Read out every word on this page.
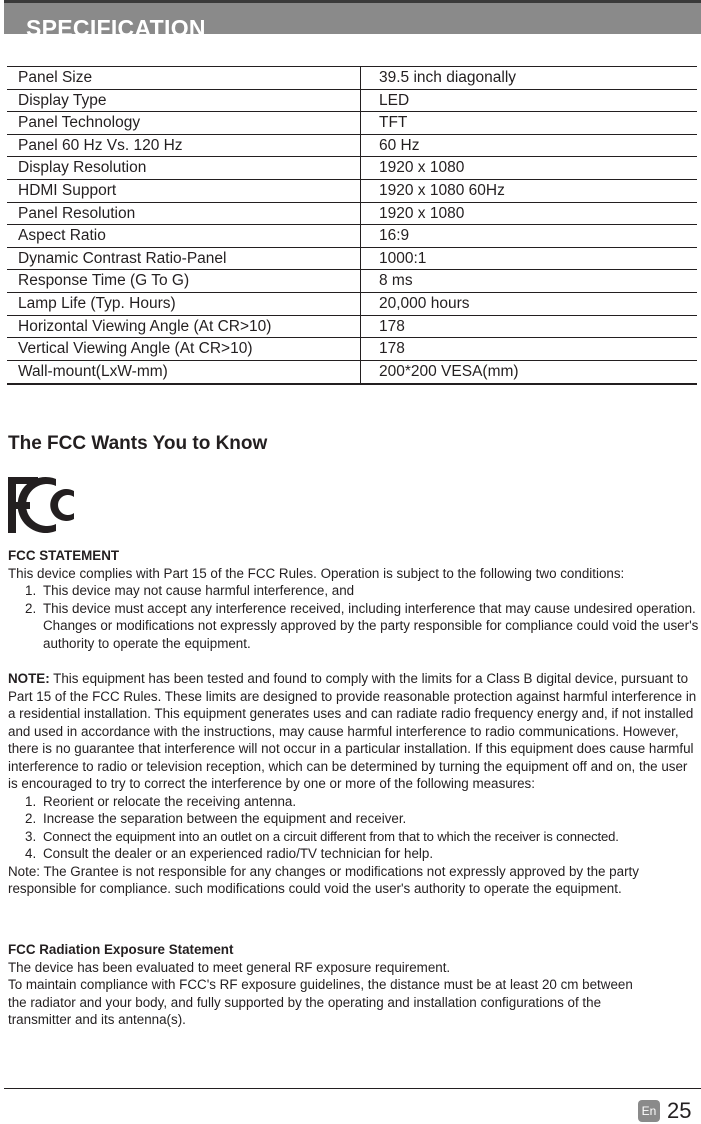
SPECIFICATION
Panel Size	39.5 inch diagonally
Display Type	LED
Panel Technology	TFT
Panel 60 Hz Vs. 120 Hz	60 Hz
Display Resolution	1920 x 1080
HDMI Support	1920 x 1080 60Hz
Panel Resolution	1920 x 1080
Aspect Ratio	16:9
Dynamic Contrast Ratio-Panel	1000:1
Response Time (G To G)	8 ms
Lamp Life (Typ. Hours)	20,000 hours
Horizontal Viewing Angle (At CR>10)	178
Vertical Viewing Angle (At CR>10)	178
Wall-mount(LxW-mm)	200*200 VESA(mm)
The FCC Wants You to Know
FCC STATEMENT
This device complies with Part 15 of the FCC Rules. Operation is subject to the following two conditions:
1. This device may not cause harmful interference, and
2. This device must accept any interference received, including interference that may cause undesired operation. Changes or modifications not expressly approved by the party responsible for compliance could void the user's authority to operate the equipment.
NOTE: This equipment has been tested and found to comply with the limits for a Class B digital device, pursuant to Part 15 of the FCC Rules. These limits are designed to provide reasonable protection against harmful interference in a residential installation. This equipment generates uses and can radiate radio frequency energy and, if not installed and used in accordance with the instructions, may cause harmful interference to radio communications. However, there is no guarantee that interference will not occur in a particular installation. If this equipment does cause harmful interference to radio or television reception, which can be determined by turning the equipment off and on, the user is encouraged to try to correct the interference by one or more of the following measures:
1. Reorient or relocate the receiving antenna.
2. Increase the separation between the equipment and receiver.
3. Connect the equipment into an outlet on a circuit different from that to which the receiver is connected.
4. Consult the dealer or an experienced radio/TV technician for help.
Note: The Grantee is not responsible for any changes or modifications not expressly approved by the party responsible for compliance. such modifications could void the user's authority to operate the equipment.
FCC Radiation Exposure Statement
The device has been evaluated to meet general RF exposure requirement.
To maintain compliance with FCC's RF exposure guidelines, the distance must be at least 20 cm between the radiator and your body, and fully supported by the operating and installation configurations of the transmitter and its antenna(s).
En 25
